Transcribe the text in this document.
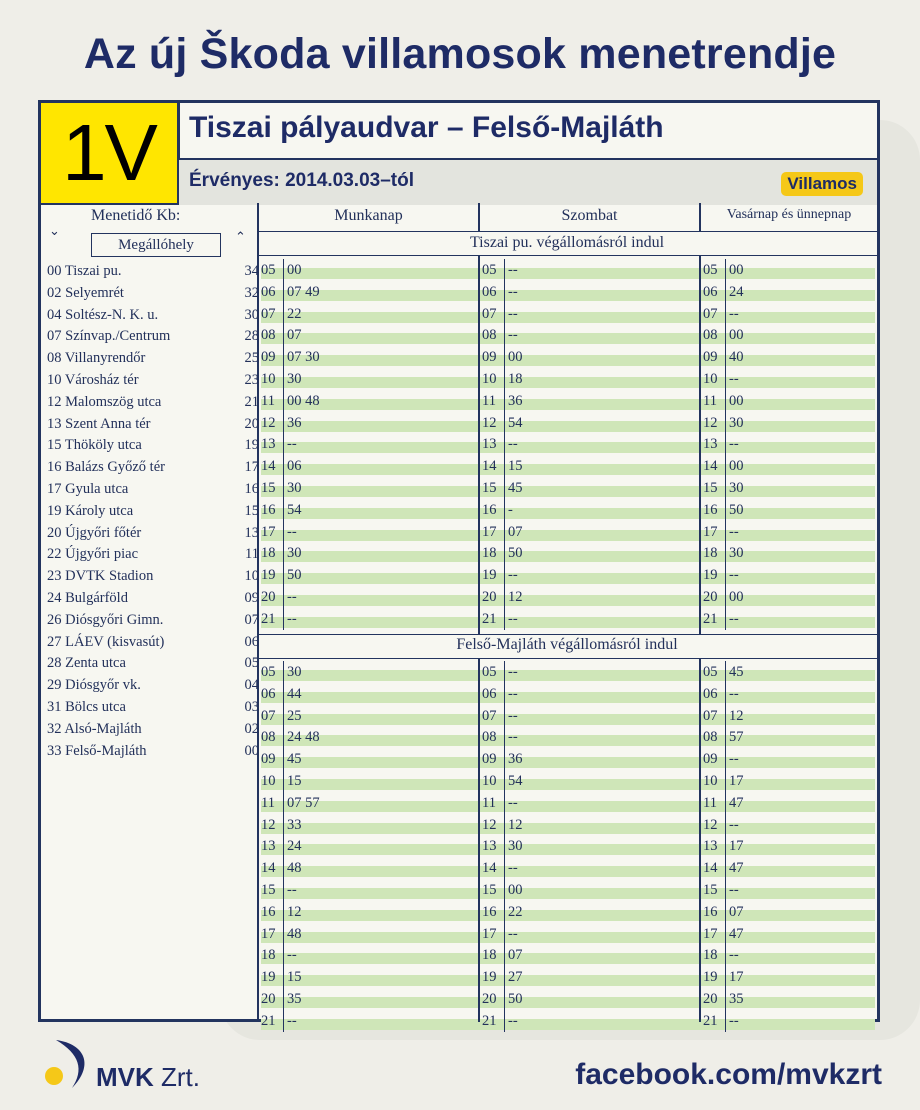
Az új Škoda villamosok menetrendje
1V	Tiszai pályaudvar – Felső-Majláth
Érvényes: 2014.03.03–tól	Villamos
Menetidő Kb:
Megállóhely
⌄	⌃
Munkanap	Szombat	Vasárnap és ünnepnap
Tiszai pu. végállomásról indul
Felső-Majláth végállomásról indul
00 Tiszai pu.	34
02 Selyemrét	32
04 Soltész-N. K. u.	30
07 Színvap./Centrum	28
08 Villanyrendőr	25
10 Városház tér	23
12 Malomszög utca	21
13 Szent Anna tér	20
15 Thököly utca	19
16 Balázs Győző tér	17
17 Gyula utca	16
19 Károly utca	15
20 Újgyőri főtér	13
22 Újgyőri piac	11
23 DVTK Stadion	10
24 Bulgárföld	09
26 Diósgyőri Gimn.	07
27 LÁEV (kisvasút)	06
28 Zenta utca	05
29 Diósgyőr vk.	04
31 Bölcs utca	03
32 Alsó-Majláth	02
33 Felső-Majláth	00
05 00	05 --	05 00
06 07 49	06 --	06 24
07 22	07 --	07 --
08 07	08 --	08 00
09 07 30	09 00	09 40
10 30	10 18	10 --
11 00 48	11 36	11 00
12 36	12 54	12 30
13 --	13 --	13 --
14 06	14 15	14 00
15 30	15 45	15 30
16 54	16 -	16 50
17 --	17 07	17 --
18 30	18 50	18 30
19 50	19 --	19 --
20 --	20 12	20 00
21 --	21 --	21 --
05 30	05 --	05 45
06 44	06 --	06 --
07 25	07 --	07 12
08 24 48	08 --	08 57
09 45	09 36	09 --
10 15	10 54	10 17
11 07 57	11 --	11 47
12 33	12 12	12 --
13 24	13 30	13 17
14 48	14 --	14 47
15 --	15 00	15 --
16 12	16 22	16 07
17 48	17 --	17 47
18 --	18 07	18 --
19 15	19 27	19 17
20 35	20 50	20 35
21 --	21 --	21 --
MVK Zrt.	facebook.com/mvkzrt
